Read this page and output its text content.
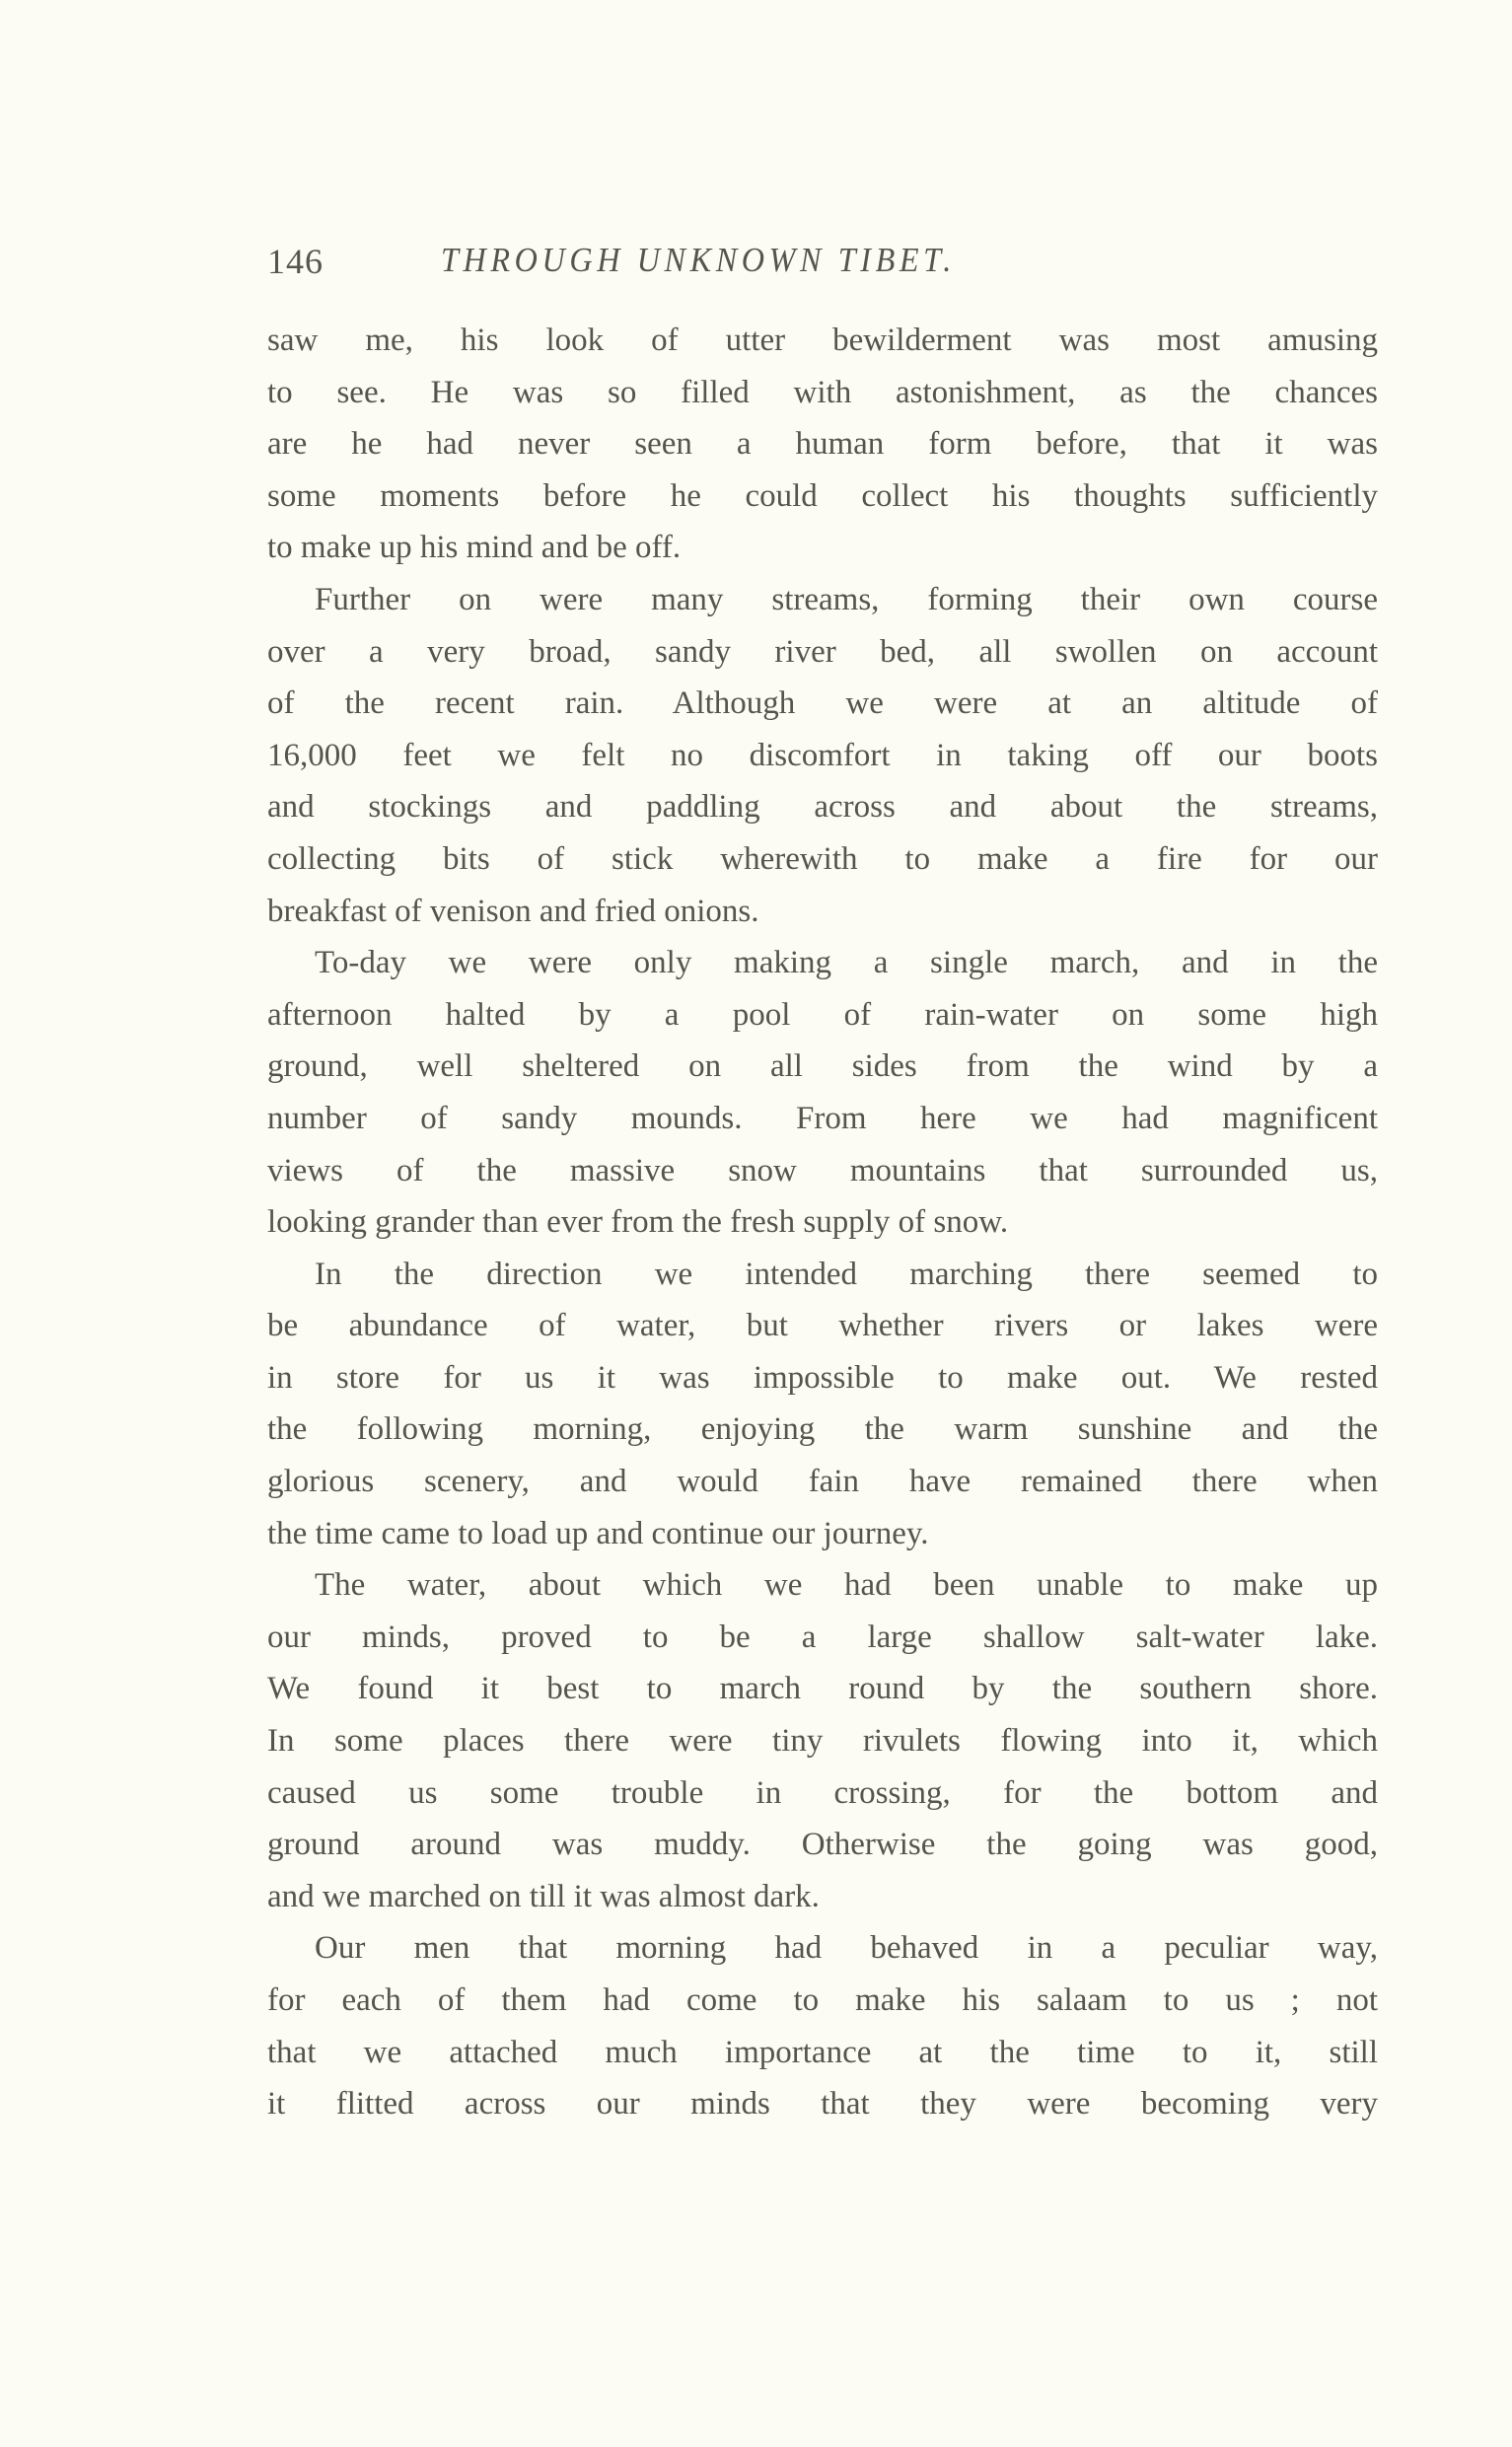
146	THROUGH UNKNOWN TIBET.
saw me, his look of utter bewilderment was most amusing
to see. He was so filled with astonishment, as the chances
are he had never seen a human form before, that it was
some moments before he could collect his thoughts sufficiently
to make up his mind and be off.
Further on were many streams, forming their own course
over a very broad, sandy river bed, all swollen on account
of the recent rain. Although we were at an altitude of
16,000 feet we felt no discomfort in taking off our boots
and stockings and paddling across and about the streams,
collecting bits of stick wherewith to make a fire for our
breakfast of venison and fried onions.
To-day we were only making a single march, and in the
afternoon halted by a pool of rain-water on some high
ground, well sheltered on all sides from the wind by a
number of sandy mounds. From here we had magnificent
views of the massive snow mountains that surrounded us,
looking grander than ever from the fresh supply of snow.
In the direction we intended marching there seemed to
be abundance of water, but whether rivers or lakes were
in store for us it was impossible to make out. We rested
the following morning, enjoying the warm sunshine and the
glorious scenery, and would fain have remained there when
the time came to load up and continue our journey.
The water, about which we had been unable to make up
our minds, proved to be a large shallow salt-water lake.
We found it best to march round by the southern shore.
In some places there were tiny rivulets flowing into it, which
caused us some trouble in crossing, for the bottom and
ground around was muddy. Otherwise the going was good,
and we marched on till it was almost dark.
Our men that morning had behaved in a peculiar way,
for each of them had come to make his salaam to us ; not
that we attached much importance at the time to it, still
it flitted across our minds that they were becoming very
